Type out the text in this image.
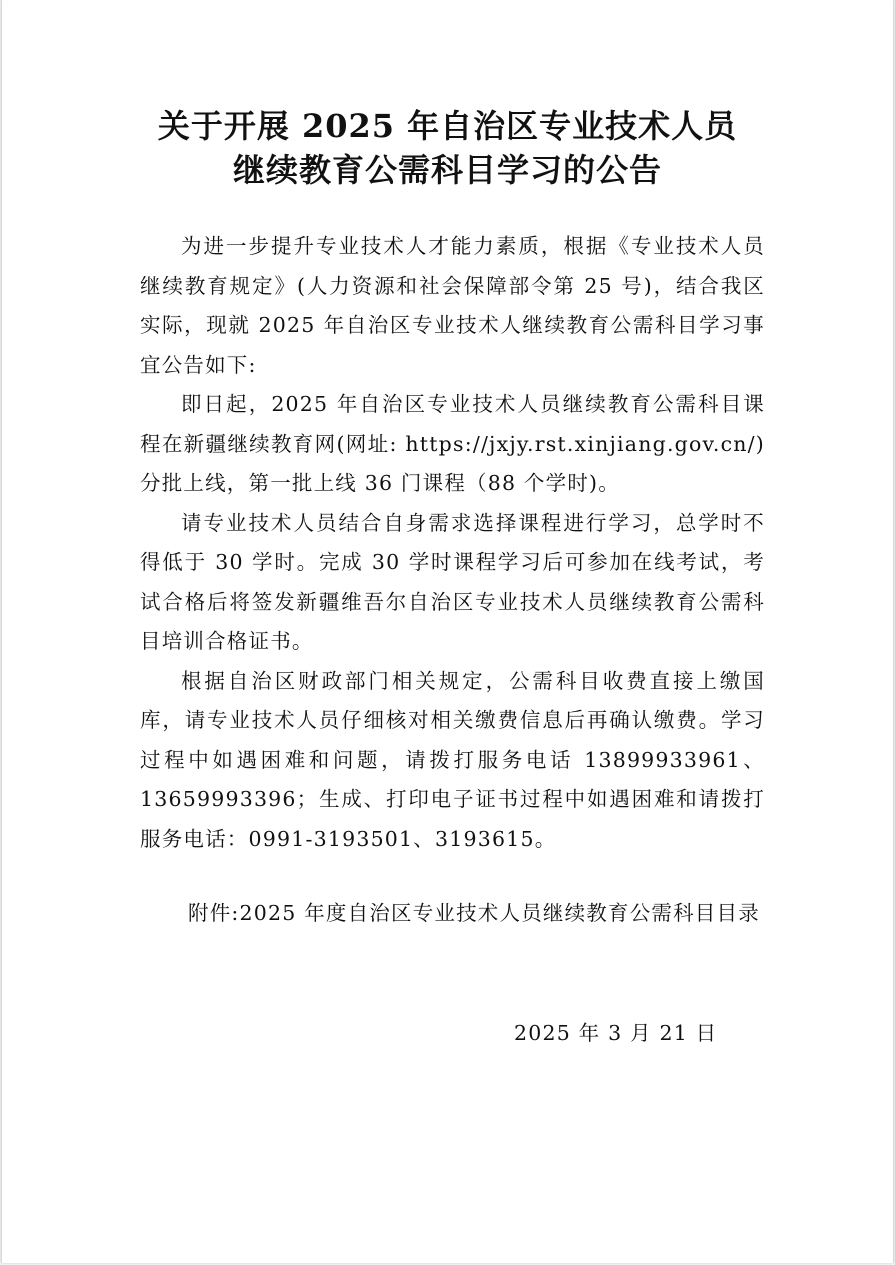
关于开展 2025 年自治区专业技术人员
继续教育公需科目学习的公告

为进一步提升专业技术人才能力素质，根据《专业技术人员继续教育规定》(人力资源和社会保障部令第 25 号)，结合我区实际，现就 2025 年自治区专业技术人继续教育公需科目学习事宜公告如下:

即日起，2025 年自治区专业技术人员继续教育公需科目课程在新疆继续教育网(网址: https://jxjy.rst.xinjiang.gov.cn/)分批上线，第一批上线 36 门课程（88 个学时)。

请专业技术人员结合自身需求选择课程进行学习，总学时不得低于 30 学时。完成 30 学时课程学习后可参加在线考试，考试合格后将签发新疆维吾尔自治区专业技术人员继续教育公需科目培训合格证书。

根据自治区财政部门相关规定，公需科目收费直接上缴国库，请专业技术人员仔细核对相关缴费信息后再确认缴费。学习过程中如遇困难和问题，请拨打服务电话 13899933961、13659993396；生成、打印电子证书过程中如遇困难和请拨打服务电话：0991-3193501、3193615。

附件: 2025 年度自治区专业技术人员继续教育公需科目目录
2025 年 3 月 21 日
